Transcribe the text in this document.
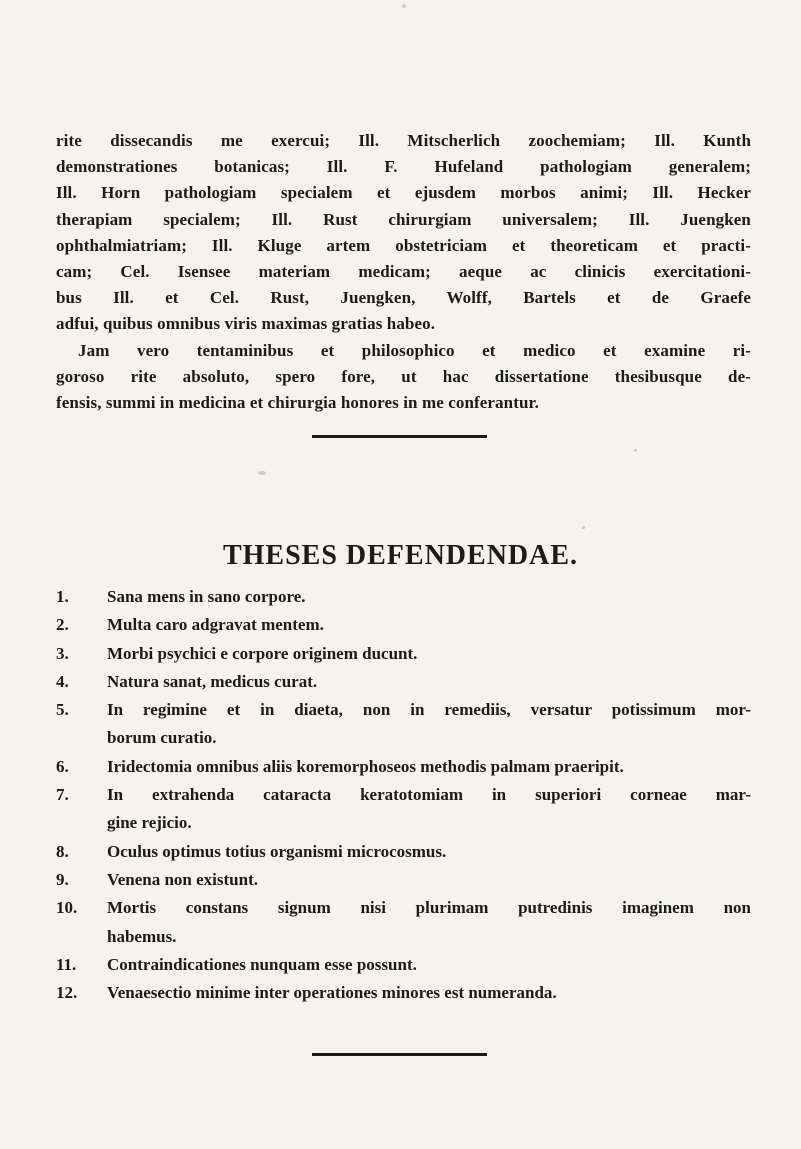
rite dissecandis me exercui; Ill. Mitscherlich zoochemiam; Ill. Kunth
demonstrationes botanicas; Ill. F. Hufeland pathologiam generalem;
Ill. Horn pathologiam specialem et ejusdem morbos animi; Ill. Hecker
therapiam specialem; Ill. Rust chirurgiam universalem; Ill. Juengken
ophthalmiatriam; Ill. Kluge artem obstetriciam et theoreticam et practi-
cam; Cel. Isensee materiam medicam; aeque ac clinicis exercitationi-
bus Ill. et Cel. Rust, Juengken, Wolff, Bartels et de Graefe
adfui, quibus omnibus viris maximas gratias habeo.
Jam vero tentaminibus et philosophico et medico et examine ri-
goroso rite absoluto, spero fore, ut hac dissertatione thesibusque de-
fensis, summi in medicina et chirurgia honores in me conferantur.
THESES DEFENDENDAE.
1.	Sana mens in sano corpore.
2.	Multa caro adgravat mentem.
3.	Morbi psychici e corpore originem ducunt.
4.	Natura sanat, medicus curat.
5.	In regimine et in diaeta, non in remediis, versatur potissimum mor-
borum curatio.
6.	Iridectomia omnibus aliis koremorphoseos methodis palmam praeripit.
7.	In extrahenda cataracta keratotomiam in superiori corneae mar-
gine rejicio.
8.	Oculus optimus totius organismi microcosmus.
9.	Venena non existunt.
10.	Mortis constans signum nisi plurimam putredinis imaginem non
habemus.
11.	Contraindicationes nunquam esse possunt.
12.	Venaesectio minime inter operationes minores est numeranda.
